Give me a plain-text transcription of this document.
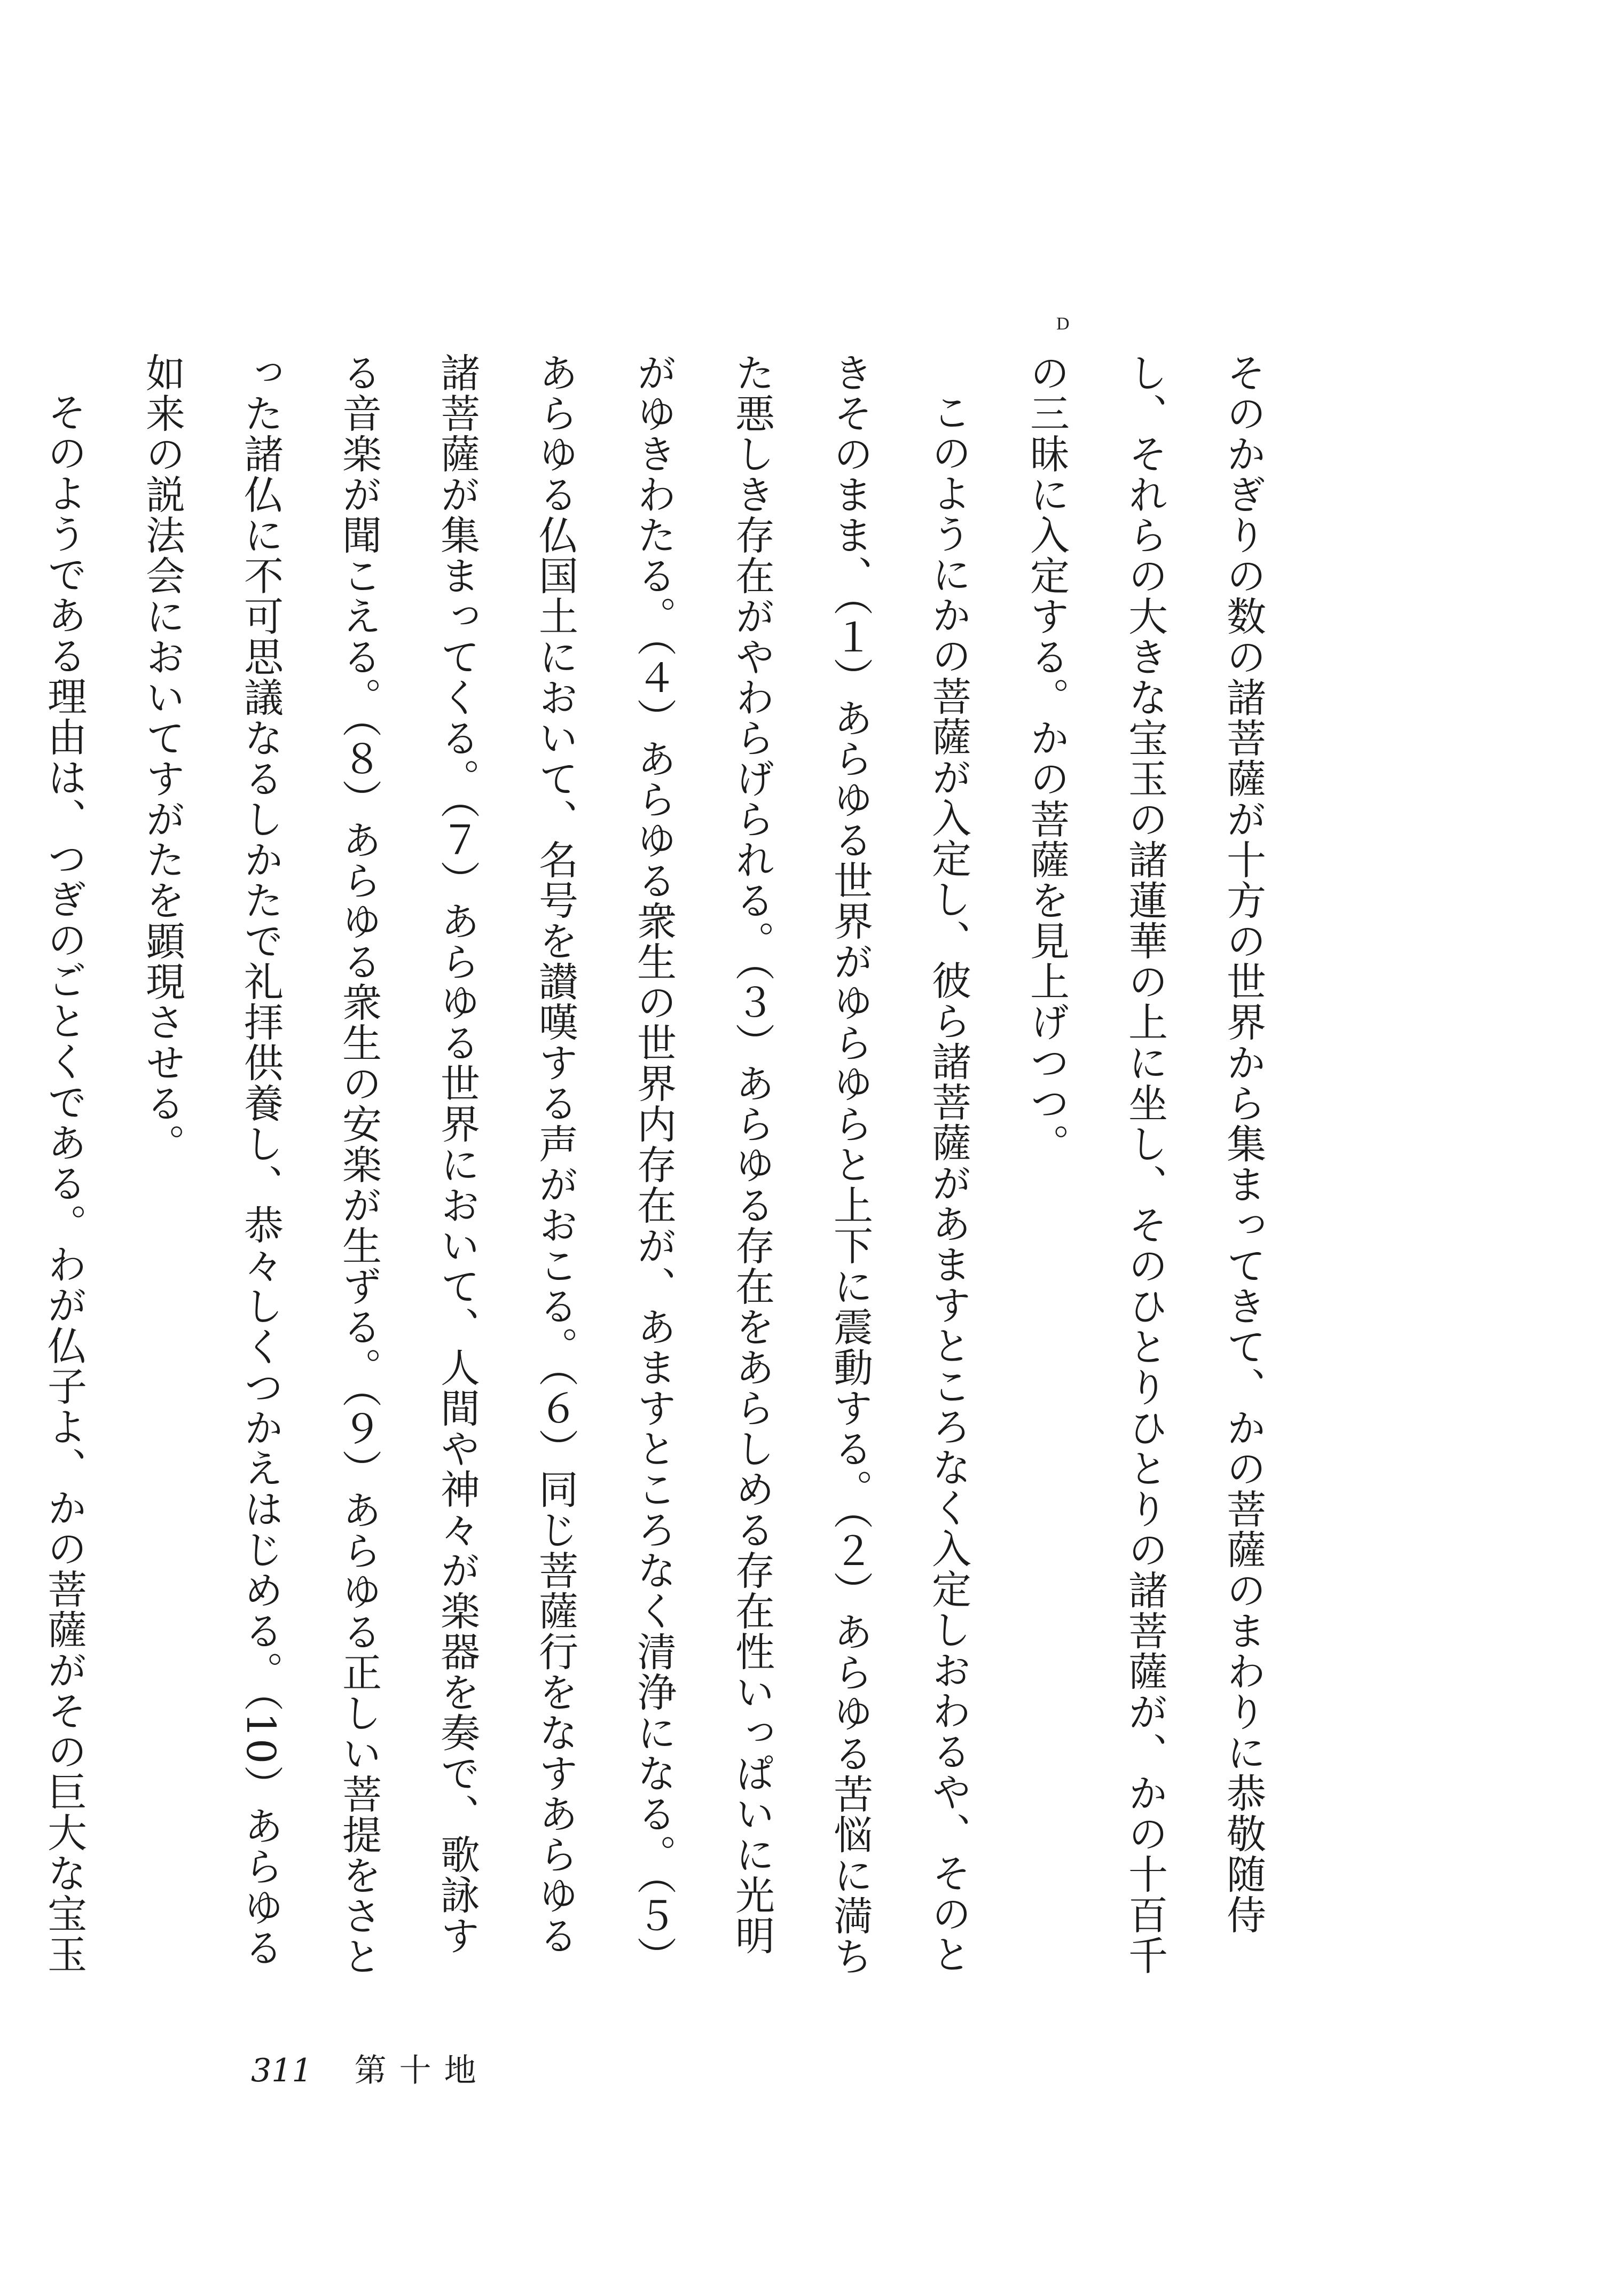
D

そのかぎりの数の諸菩薩が十方の世界から集まってきて、かの菩薩のまわりに恭敬随侍し、それらの大きな宝玉の諸蓮華の上に坐し、そのひとりひとりの諸菩薩が、かの十百千の三昧に入定する。かの菩薩を見上げつつ。

このようにかの菩薩が入定し、彼ら諸菩薩があますところなく入定しおわるや、そのときそのまま、（１）あらゆる世界がゆらゆらと上下に震動する。（２）あらゆる苦悩に満ちた悪しき存在がやわらげられる。（３）あらゆる存在をあらしめる存在性いっぱいに光明がゆきわたる。（４）あらゆる衆生の世界内存在が、あますところなく清浄になる。（５）あらゆる仏国土において、名号を讃嘆する声がおこる。（６）同じ菩薩行をなすあらゆる諸菩薩が集まってくる。（７）あらゆる世界において、人間や神々が楽器を奏で、歌詠する音楽が聞こえる。（８）あらゆる衆生の安楽が生ずる。（９）あらゆる正しい菩提をさとった諸仏に不可思議なるしかたで礼拝供養し、恭々しくつかえはじめる。（10）あらゆる如来の説法会においてすがたを顕現させる。

そのようである理由は、つぎのごとくである。わが仏子よ、かの菩薩がその巨大な宝玉

311 第十地
